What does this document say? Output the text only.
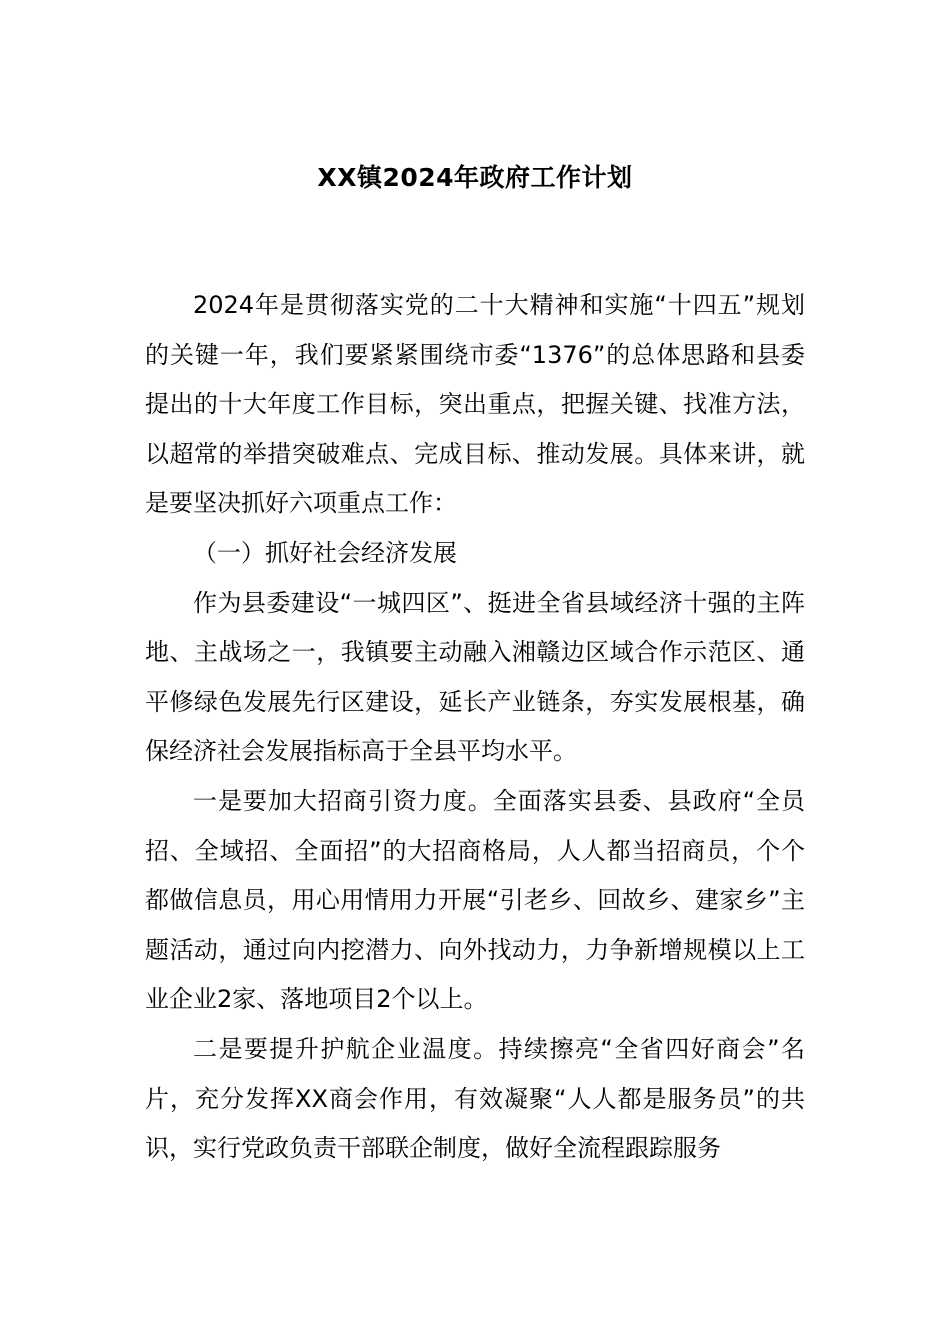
XX镇2024年政府工作计划

2024年是贯彻落实党的二十大精神和实施“十四五”规划的关键一年，我们要紧紧围绕市委“1376”的总体思路和县委提出的十大年度工作目标，突出重点，把握关键、找准方法，以超常的举措突破难点、完成目标、推动发展。具体来讲，就是要坚决抓好六项重点工作：

（一）抓好社会经济发展

作为县委建设“一城四区”、挺进全省县域经济十强的主阵地、主战场之一，我镇要主动融入湘赣边区域合作示范区、通平修绿色发展先行区建设，延长产业链条，夯实发展根基，确保经济社会发展指标高于全县平均水平。

一是要加大招商引资力度。全面落实县委、县政府“全员招、全域招、全面招”的大招商格局，人人都当招商员，个个都做信息员，用心用情用力开展“引老乡、回故乡、建家乡”主题活动，通过向内挖潜力、向外找动力，力争新增规模以上工业企业2家、落地项目2个以上。

二是要提升护航企业温度。持续擦亮“全省四好商会”名片，充分发挥XX商会作用，有效凝聚“人人都是服务员”的共识，实行党政负责干部联企制度，做好全流程跟踪服务
